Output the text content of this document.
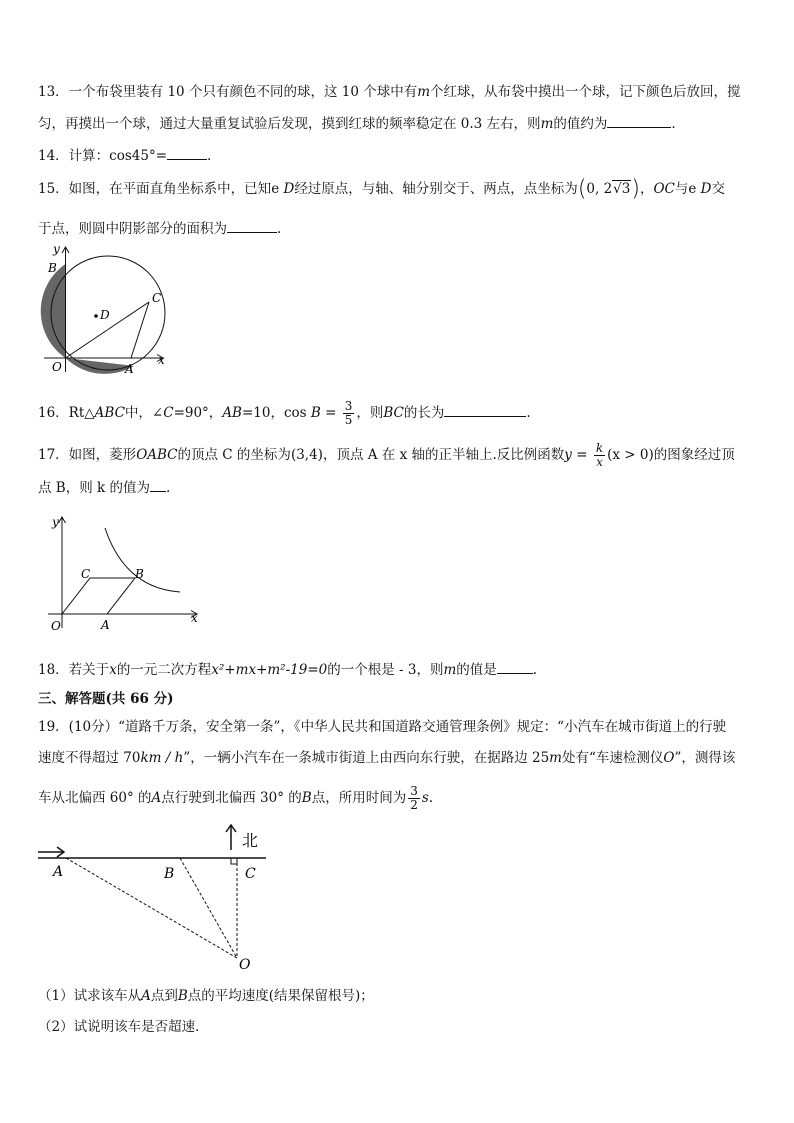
13．一个布袋里装有 10 个只有颜色不同的球，这 10 个球中有m个红球，从布袋中摸出一个球，记下颜色后放回，搅
匀，再摸出一个球，通过大量重复试验后发现，摸到红球的频率稳定在 0.3 左右，则m的值约为	.
14．计算：cos45°=	.
15．如图，在平面直角坐标系中，已知e D经过原点，与轴、轴分别交于、两点，点坐标为(0, 2√3)，OC与e D交
于点，则圆中阴影部分的面积为	.
y
x
B
C
D
O	A
16．Rt△ABC中，∠C=90°，AB=10，$\cos B = \frac{3}{5}$ ，则BC的长为	.
17．如图，菱形OABC的顶点 C 的坐标为(3,4)，顶点 A 在 x 轴的正半轴上.反比例函数$y = \frac{k}{x} (x > 0)$的图象经过顶
点 B，则 k 的值为 .
y
x
C	B
O	A
18．若关于x的一元二次方程x²+mx+m²-19=0的一个根是 - 3，则m的值是	.
三、解答题(共 66 分)
19．(10分）“道路千万条，安全第一条”，《中华人民共和国道路交通管理条例》规定：“小汽车在城市街道上的行驶
速度不得超过 70km / h”，一辆小汽车在一条城市街道上由西向东行驶，在据路边 25m处有“车速检测仪O”，测得该
车从北偏西 60° 的A点行驶到北偏西 30° 的B点，所用时间为 $\frac{3}{2} s$.
北
A	B	C
O
（1）试求该车从A点到B点的平均速度(结果保留根号)；
（2）试说明该车是否超速．
